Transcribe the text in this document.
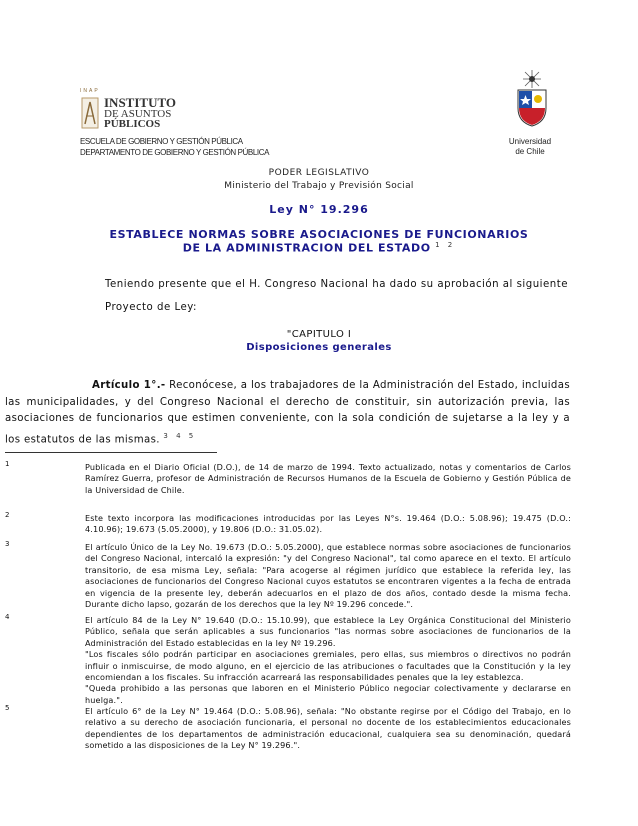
INAP
INSTITUTO
DE ASUNTOS
PÚBLICOS
ESCUELA DE GOBIERNO Y GESTIÓN PÚBLICA
DEPARTAMENTO DE GOBIERNO Y GESTIÓN PÚBLICA
Universidad
de Chile
PODER LEGISLATIVO
Ministerio del Trabajo y Previsión Social
Ley N° 19.296
ESTABLECE NORMAS SOBRE ASOCIACIONES DE FUNCIONARIOS
DE LA ADMINISTRACION DEL ESTADO $^{1 2}$
Teniendo presente que el H. Congreso Nacional ha dado su aprobación al siguiente
Proyecto de Ley:
"CAPITULO I
Disposiciones generales
Artículo 1°.- Reconócese, a los trabajadores de la Administración del Estado, incluidas las municipalidades, y del Congreso Nacional el derecho de constituir, sin autorización previa, las asociaciones de funcionarios que estimen conveniente, con la sola condición de sujetarse a la ley y a los estatutos de las mismas. $^{3 4 5}$
1	Publicada en el Diario Oficial (D.O.), de 14 de marzo de 1994. Texto actualizado, notas y comentarios de Carlos Ramírez Guerra, profesor de Administración de Recursos Humanos de la Escuela de Gobierno y Gestión Pública de la Universidad de Chile.
2	Este texto incorpora las modificaciones introducidas por las Leyes N°s. 19.464 (D.O.: 5.08.96); 19.475 (D.O.: 4.10.96); 19.673 (5.05.2000), y 19.806 (D.O.: 31.05.02).
3	El artículo Único de la Ley No. 19.673 (D.O.: 5.05.2000), que establece normas sobre asociaciones de funcionarios del Congreso Nacional, intercaló la expresión: "y del Congreso Nacional", tal como aparece en el texto. El artículo transitorio, de esa misma Ley, señala: "Para acogerse al régimen jurídico que establece la referida ley, las asociaciones de funcionarios del Congreso Nacional cuyos estatutos se encontraren vigentes a la fecha de entrada en vigencia de la presente ley, deberán adecuarlos en el plazo de dos años, contado desde la misma fecha. Durante dicho lapso, gozarán de los derechos que la ley Nº 19.296 concede.".
4	El artículo 84 de la Ley N° 19.640 (D.O.: 15.10.99), que establece la Ley Orgánica Constitucional del Ministerio Público, señala que serán aplicables a sus funcionarios "las normas sobre asociaciones de funcionarios de la Administración del Estado establecidas en la ley Nº 19.296.
"Los fiscales sólo podrán participar en asociaciones gremiales, pero ellas, sus miembros o directivos no podrán influir o inmiscuirse, de modo alguno, en el ejercicio de las atribuciones o facultades que la Constitución y la ley encomiendan a los fiscales. Su infracción acarreará las responsabilidades penales que la ley establezca.
"Queda prohibido a las personas que laboren en el Ministerio Público negociar colectivamente y declararse en huelga.".
5	El artículo 6° de la Ley N° 19.464 (D.O.: 5.08.96), señala: "No obstante regirse por el Código del Trabajo, en lo relativo a su derecho de asociación funcionaria, el personal no docente de los establecimientos educacionales dependientes de los departamentos de administración educacional, cualquiera sea su denominación, quedará sometido a las disposiciones de la Ley N° 19.296.".
